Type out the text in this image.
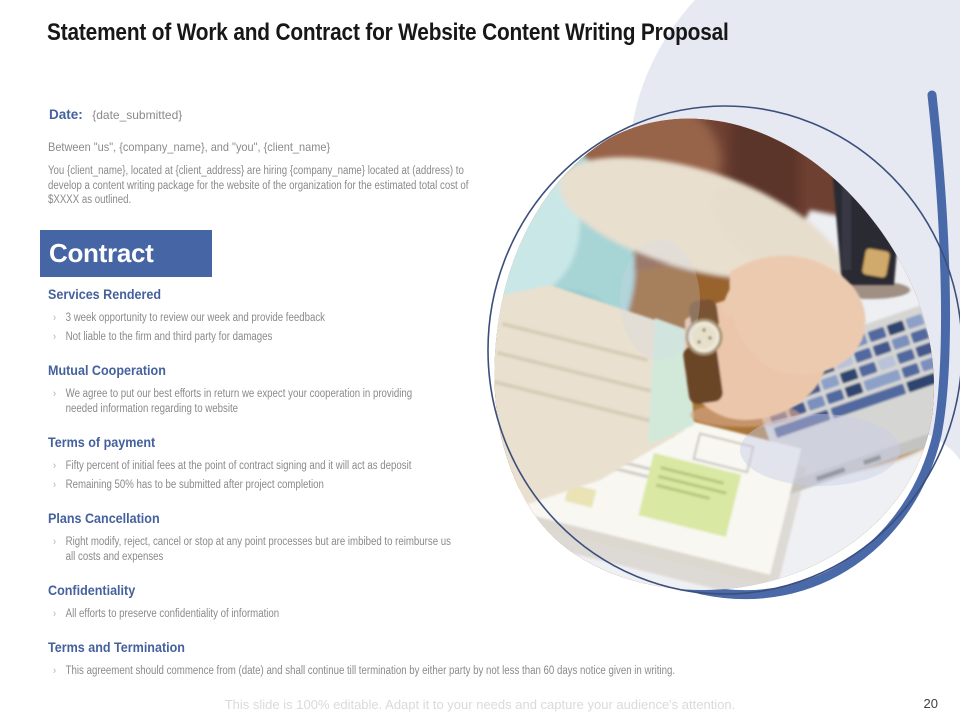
Statement of Work and Contract for Website Content Writing Proposal
Date: {date_submitted}
Between "us", {company_name}, and "you", {client_name}
You {client_name}, located at {client_address} are hiring {company_name} located at (address) to develop a content writing package for the website of the organization for the estimated total cost of $XXXX as outlined.
Contract
Services Rendered
› 3 week opportunity to review our week and provide feedback
› Not liable to the firm and third party for damages
Mutual Cooperation
› We agree to put our best efforts in return we expect your cooperation in providing needed information regarding to website
Terms of payment
› Fifty percent of initial fees at the point of contract signing and it will act as deposit
› Remaining 50% has to be submitted after project completion
Plans Cancellation
› Right modify, reject, cancel or stop at any point processes but are imbibed to reimburse us all costs and expenses
Confidentiality
› All efforts to preserve confidentiality of information
Terms and Termination
› This agreement should commence from (date) and shall continue till termination by either party by not less than 60 days notice given in writing.
This slide is 100% editable. Adapt it to your needs and capture your audience's attention.	20
